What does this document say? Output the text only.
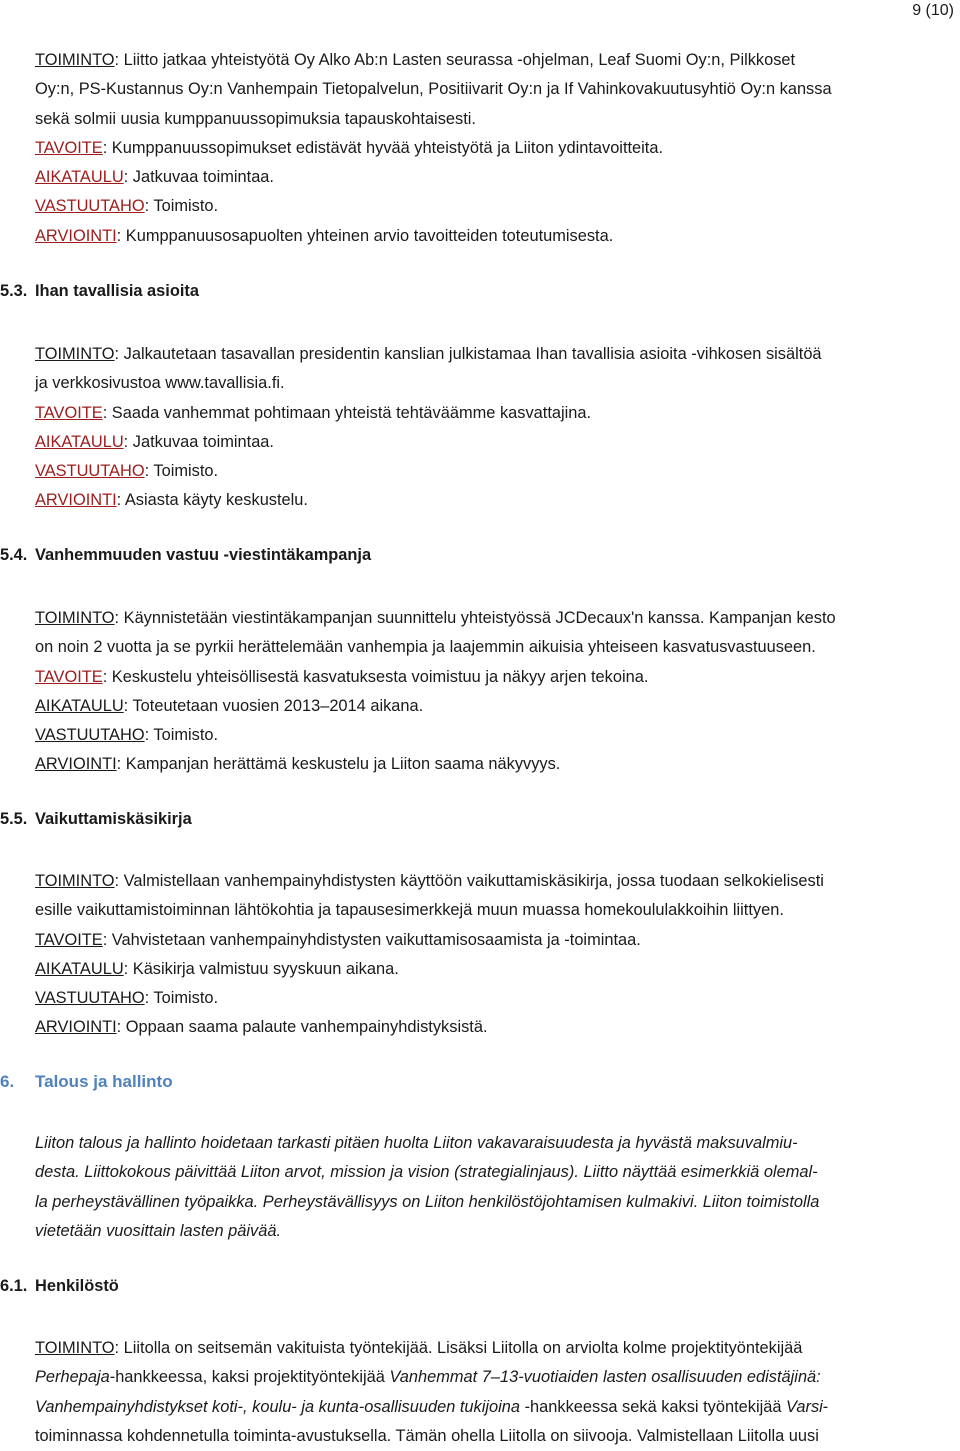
9 (10)
TOIMINTO: Liitto jatkaa yhteistyötä Oy Alko Ab:n Lasten seurassa -ohjelman, Leaf Suomi Oy:n, Pilkkoset
Oy:n, PS-Kustannus Oy:n Vanhempain Tietopalvelun, Positiivarit Oy:n ja If Vahinkovakuutusyhtiö Oy:n kanssa
sekä solmii uusia kumppanuussopimuksia tapauskohtaisesti.
TAVOITE: Kumppanuussopimukset edistävät hyvää yhteistyötä ja Liiton ydintavoitteita.
AIKATAULU: Jatkuvaa toimintaa.
VASTUUTAHO: Toimisto.
ARVIOINTI: Kumppanuusosapuolten yhteinen arvio tavoitteiden toteutumisesta.
5.3. Ihan tavallisia asioita
TOIMINTO: Jalkautetaan tasavallan presidentin kanslian julkistamaa Ihan tavallisia asioita -vihkosen sisältöä
ja verkkosivustoa www.tavallisia.fi.
TAVOITE: Saada vanhemmat pohtimaan yhteistä tehtäväämme kasvattajina.
AIKATAULU: Jatkuvaa toimintaa.
VASTUUTAHO: Toimisto.
ARVIOINTI: Asiasta käyty keskustelu.
5.4. Vanhemmuuden vastuu -viestintäkampanja
TOIMINTO: Käynnistetään viestintäkampanjan suunnittelu yhteistyössä JCDecaux'n kanssa. Kampanjan kesto
on noin 2 vuotta ja se pyrkii herättelemään vanhempia ja laajemmin aikuisia yhteiseen kasvatusvastuuseen.
TAVOITE: Keskustelu yhteisöllisestä kasvatuksesta voimistuu ja näkyy arjen tekoina.
AIKATAULU: Toteutetaan vuosien 2013–2014 aikana.
VASTUUTAHO: Toimisto.
ARVIOINTI: Kampanjan herättämä keskustelu ja Liiton saama näkyvyys.
5.5. Vaikuttamiskäsikirja
TOIMINTO: Valmistellaan vanhempainyhdistysten käyttöön vaikuttamiskäsikirja, jossa tuodaan selkokielisesti
esille vaikuttamistoiminnan lähtökohtia ja tapausesimerkkejä muun muassa homekoululakkoihin liittyen.
TAVOITE: Vahvistetaan vanhempainyhdistysten vaikuttamisosaamista ja -toimintaa.
AIKATAULU: Käsikirja valmistuu syyskuun aikana.
VASTUUTAHO: Toimisto.
ARVIOINTI: Oppaan saama palaute vanhempainyhdistyksistä.
6. Talous ja hallinto
Liiton talous ja hallinto hoidetaan tarkasti pitäen huolta Liiton vakavaraisuudesta ja hyvästä maksuvalmiu-
desta. Liittokokous päivittää Liiton arvot, mission ja vision (strategialinjaus). Liitto näyttää esimerkkiä olemal-
la perheystävällinen työpaikka. Perheystävällisyys on Liiton henkilöstöjohtamisen kulmakivi. Liiton toimistolla
vietetään vuosittain lasten päivää.
6.1. Henkilöstö
TOIMINTO: Liitolla on seitsemän vakituista työntekijää. Lisäksi Liitolla on arviolta kolme projektityöntekijää
Perhepaja-hankkeessa, kaksi projektityöntekijää Vanhemmat 7–13-vuotiaiden lasten osallisuuden edistäjinä:
Vanhempainyhdistykset koti-, koulu- ja kunta-osallisuuden tukijoina -hankkeessa sekä kaksi työntekijää Varsi-
toiminnassa kohdennetulla toiminta-avustuksella. Tämän ohella Liitolla on siivooja. Valmistellaan Liitolla uusi
